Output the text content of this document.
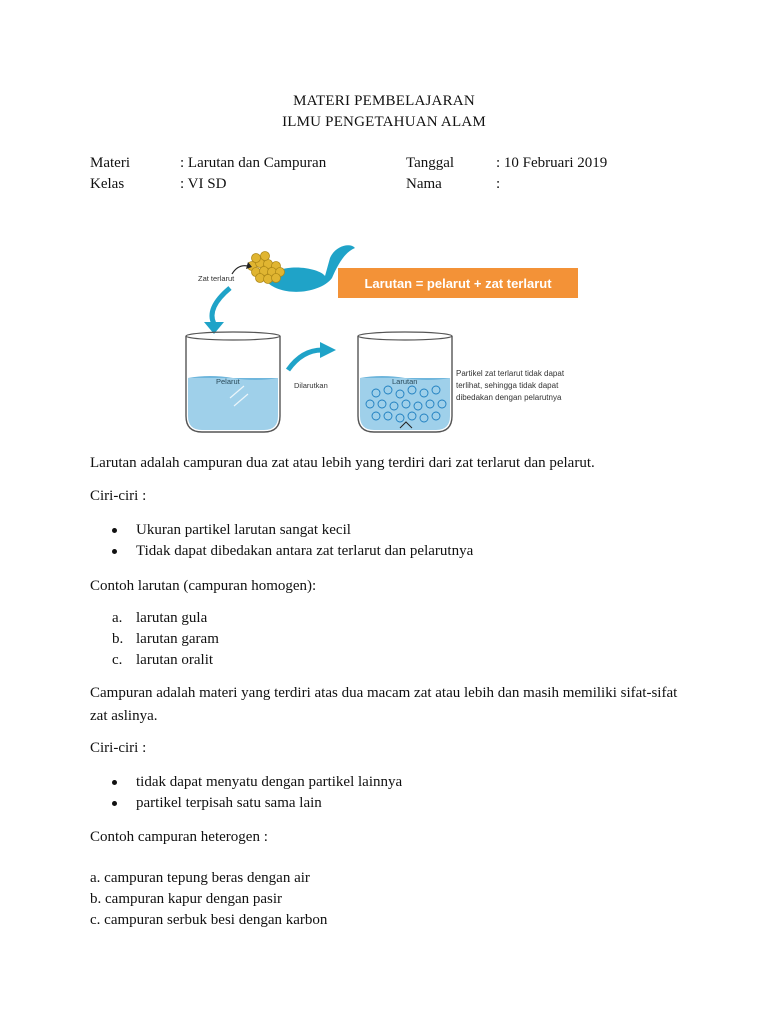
MATERI PEMBELAJARAN
ILMU PENGETAHUAN ALAM
Materi	: Larutan dan Campuran	Tanggal	: 10 Februari 2019
Kelas	: VI SD	Nama	:
Zat terlarut	Larutan = pelarut + zat terlarut
Pelarut	Dilarutkan	Larutan
Partikel zat terlarut tidak dapat
terlihat, sehingga tidak dapat
dibedakan dengan pelarutnya

Larutan adalah campuran dua zat atau lebih yang terdiri dari zat terlarut dan pelarut.

Ciri-ciri :

Ukuran partikel larutan sangat kecil
Tidak dapat dibedakan antara zat terlarut dan pelarutnya

Contoh larutan (campuran homogen):

a. larutan gula
b. larutan garam
c. larutan oralit

Campuran adalah materi yang terdiri atas dua macam zat atau lebih dan masih memiliki sifat-sifat

zat aslinya.

Ciri-ciri :

tidak dapat menyatu dengan partikel lainnya
partikel terpisah satu sama lain

Contoh campuran heterogen :

a. campuran tepung beras dengan air
b. campuran kapur dengan pasir
c. campuran serbuk besi dengan karbon
